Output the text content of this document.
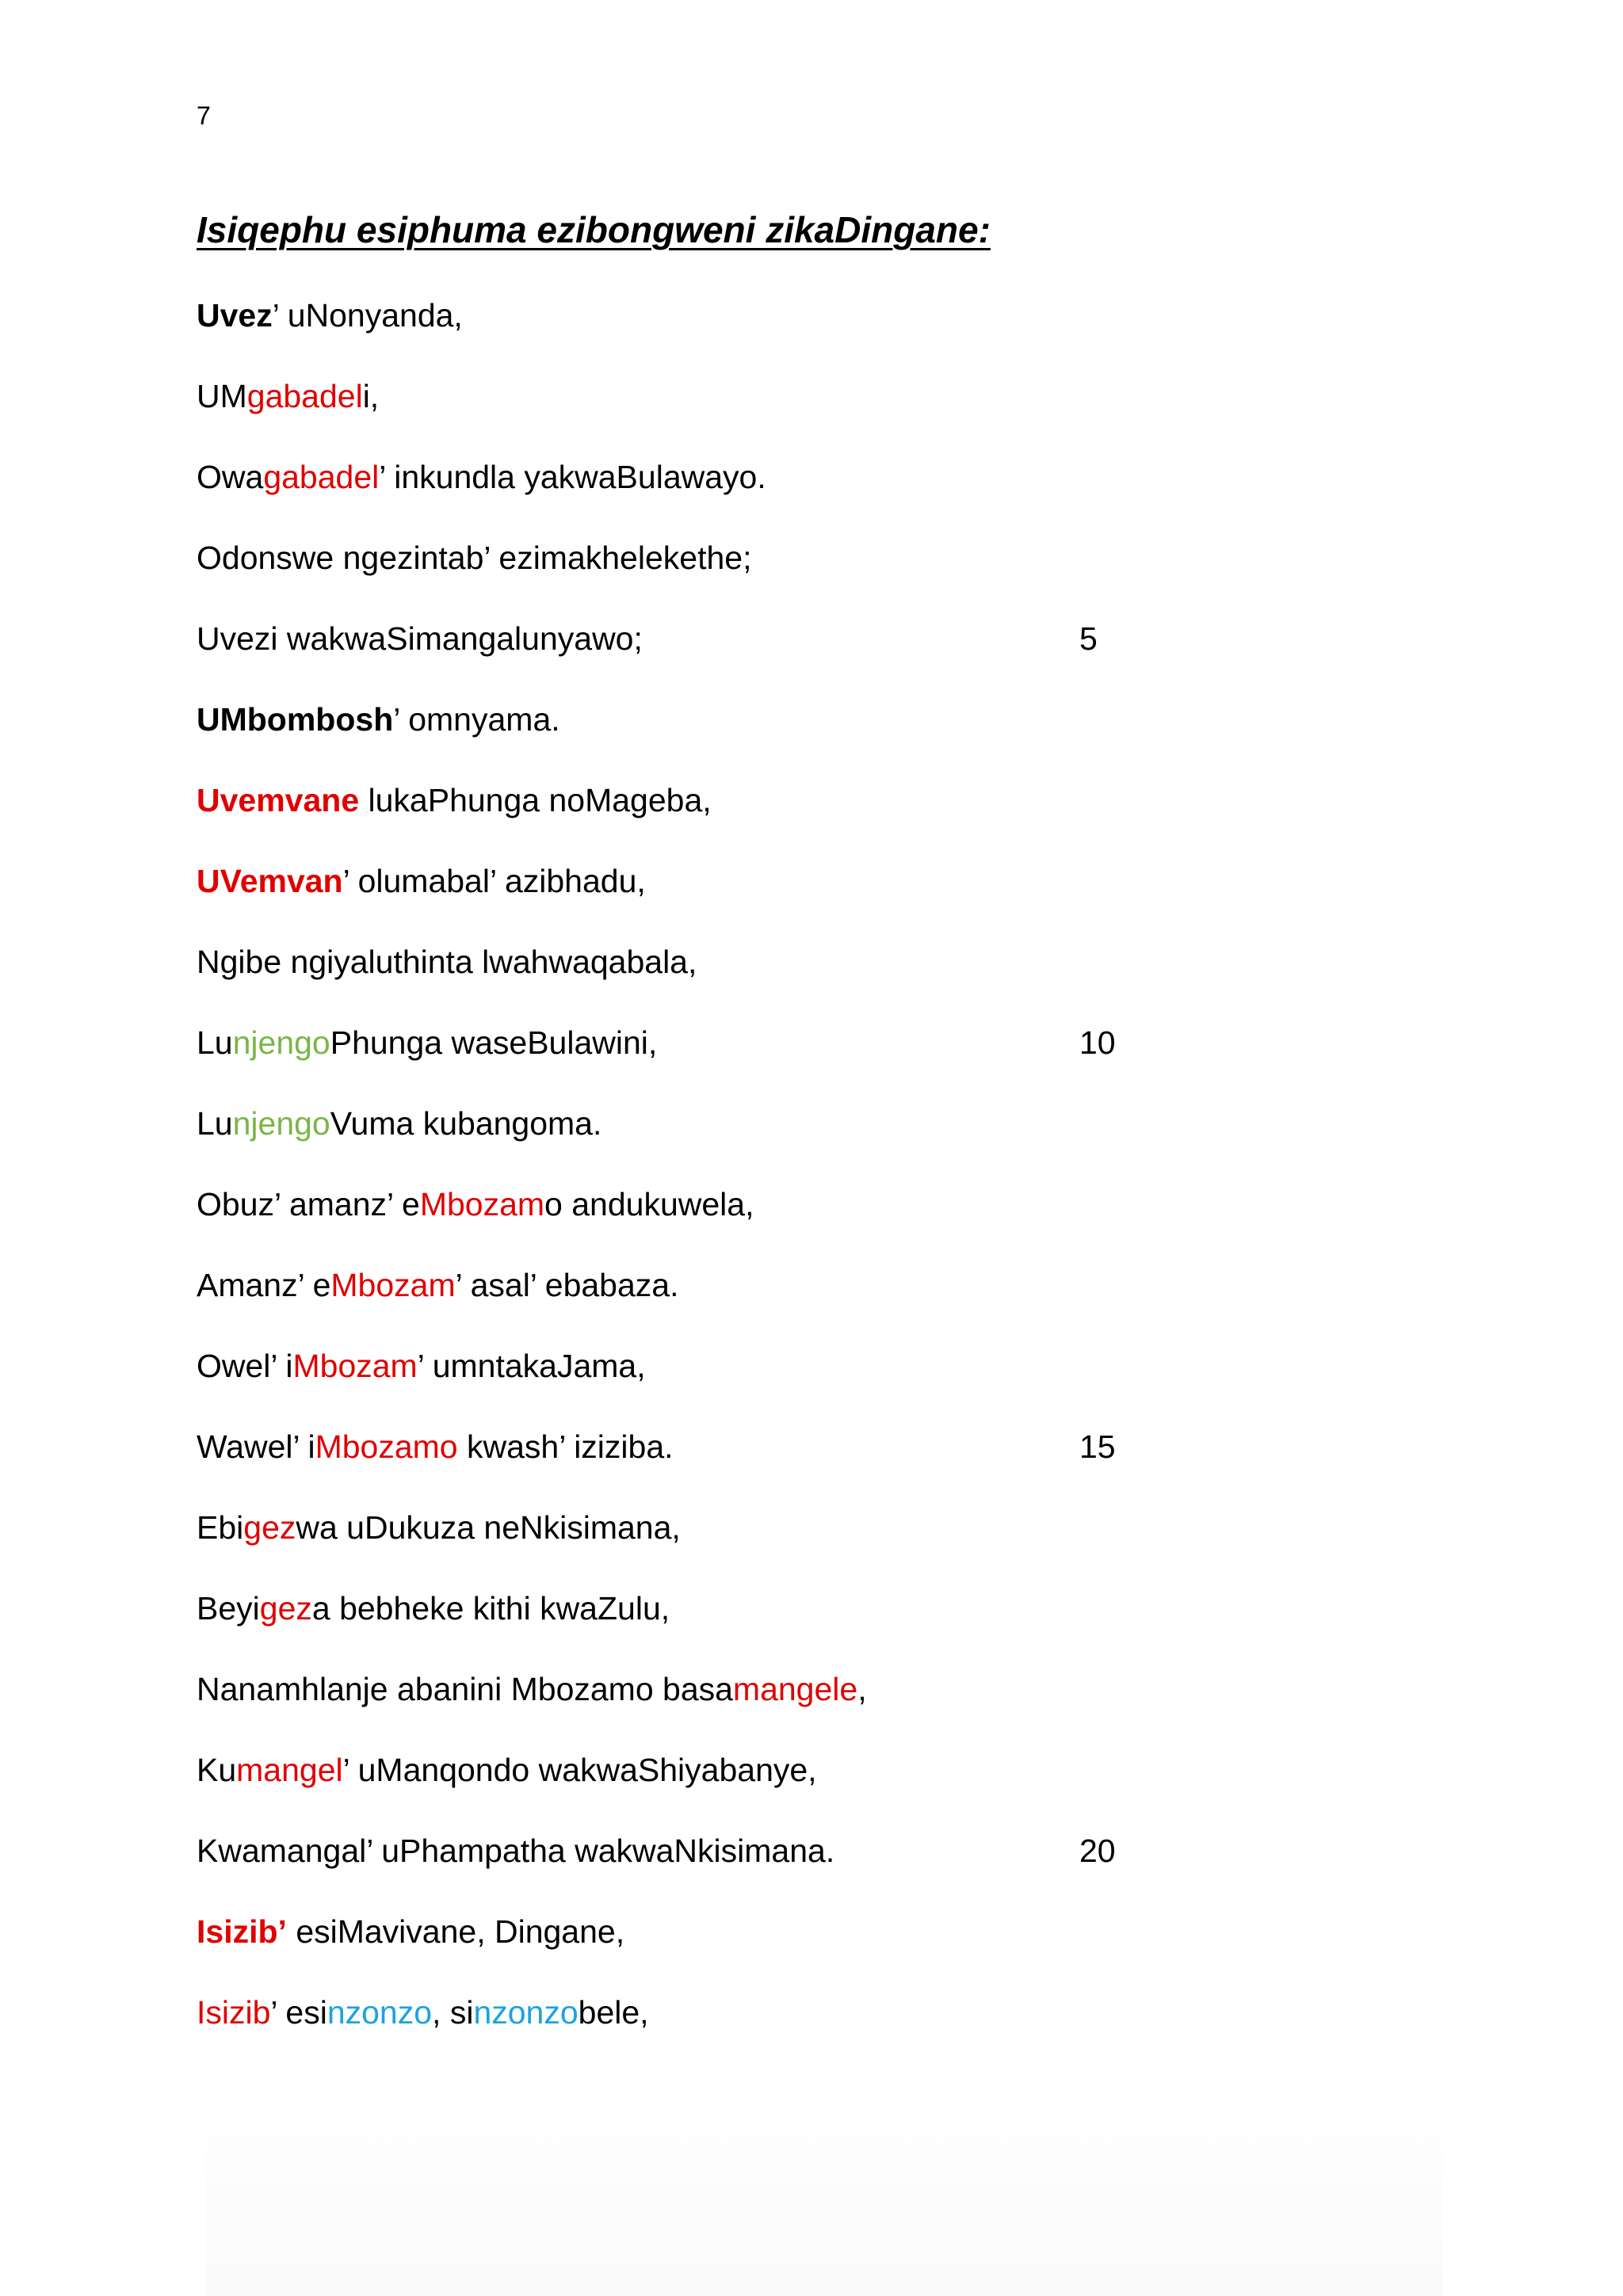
7
Isiqephu esiphuma ezibongweni zikaDingane:
Uvez’ uNonyanda,
UMgabadeli,
Owagabadel’ inkundla yakwaBulawayo.
Odonswe ngezintab’ ezimakhelekethe;
Uvezi wakwaSimangalunyawo;	5
UMbombosh’ omnyama.
Uvemvane lukaPhunga noMageba,
UVemvan’ olumabal’ azibhadu,
Ngibe ngiyaluthinta lwahwaqabala,
LunjengoPhunga waseBulawini,	10
LunjengoVuma kubangoma.
Obuz’ amanz’ eMbozamo andukuwela,
Amanz’ eMbozam’ asal’ ebabaza.
Owel’ iMbozam’ umntakaJama,
Wawel’ iMbozamo kwash’ iziziba.	15
Ebigezwa uDukuza neNkisimana,
Beyigeza bebheke kithi kwaZulu,
Nanamhlanje abanini Mbozamo basamangele,
Kumangel’ uManqondo wakwaShiyabanye,
Kwamangal’ uPhampatha wakwaNkisimana.	20
Isizib’ esiMavivane, Dingane,
Isizib’ esinzonzo, sinzonzobele,
